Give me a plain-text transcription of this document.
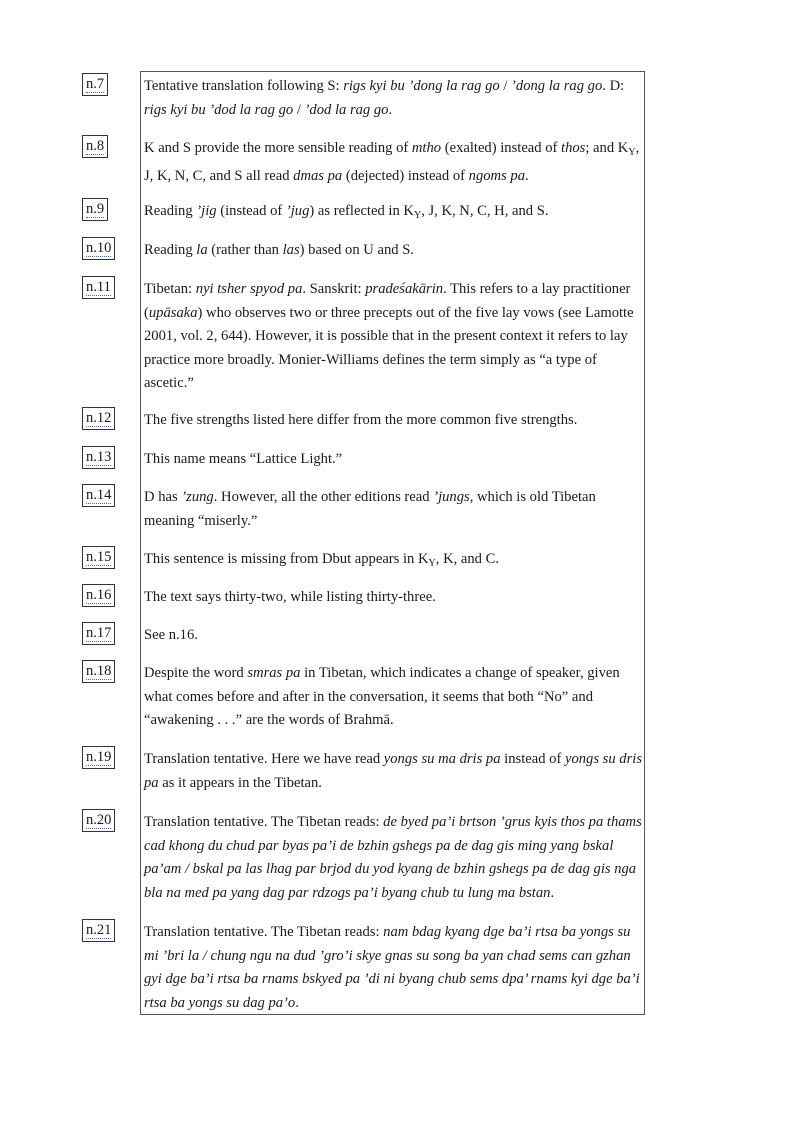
n.7	Tentative translation following S: rigs kyi bu ’dong la rag go / ’dong la rag go. D: rigs kyi bu ’dod la rag go / ’dod la rag go.
n.8	K and S provide the more sensible reading of mtho (exalted) instead of thos; and $K_Y$, J, K, N, C, and S all read dmas pa (dejected) instead of ngoms pa.
n.9	Reading ’jig (instead of ’jug) as reflected in $K_Y$, J, K, N, C, H, and S.
n.10 Reading la (rather than las) based on U and S.
n.11 Tibetan: nyi tsher spyod pa. Sanskrit: pradeśakārin. This refers to a lay practitioner (upāsaka) who observes two or three precepts out of the five lay vows (see Lamotte 2001, vol. 2, 644). However, it is possible that in the present context it refers to lay practice more broadly. Monier-Williams defines the term simply as “a type of ascetic.”
n.12 The five strengths listed here differ from the more common five strengths.
n.13 This name means “Lattice Light.”
n.14 D has ’zung. However, all the other editions read ’jungs, which is old Tibetan meaning “miserly.”
n.15 This sentence is missing from Dbut appears in $K_Y$, K, and C.
n.16 The text says thirty-two, while listing thirty-three.
n.17 See n.16.
n.18 Despite the word smras pa in Tibetan, which indicates a change of speaker, given what comes before and after in the conversation, it seems that both “No” and “awakening . . .” are the words of Brahmā.
n.19 Translation tentative. Here we have read yongs su ma dris pa instead of yongs su dris pa as it appears in the Tibetan.
n.20 Translation tentative. The Tibetan reads: de byed pa’i brtson ’grus kyis thos pa thams cad khong du chud par byas pa’i de bzhin gshegs pa de dag gis ming yang bskal pa’am / bskal pa las lhag par brjod du yod kyang de bzhin gshegs pa de dag gis nga bla na med pa yang dag par rdzogs pa’i byang chub tu lung ma bstan.
n.21 Translation tentative. The Tibetan reads: nam bdag kyang dge ba’i rtsa ba yongs su mi ’bri la / chung ngu na dud ’gro’i skye gnas su song ba yan chad sems can gzhan gyi dge ba’i rtsa ba rnams bskyed pa ’di ni byang chub sems dpa’ rnams kyi dge ba’i rtsa ba yongs su dag pa’o.
